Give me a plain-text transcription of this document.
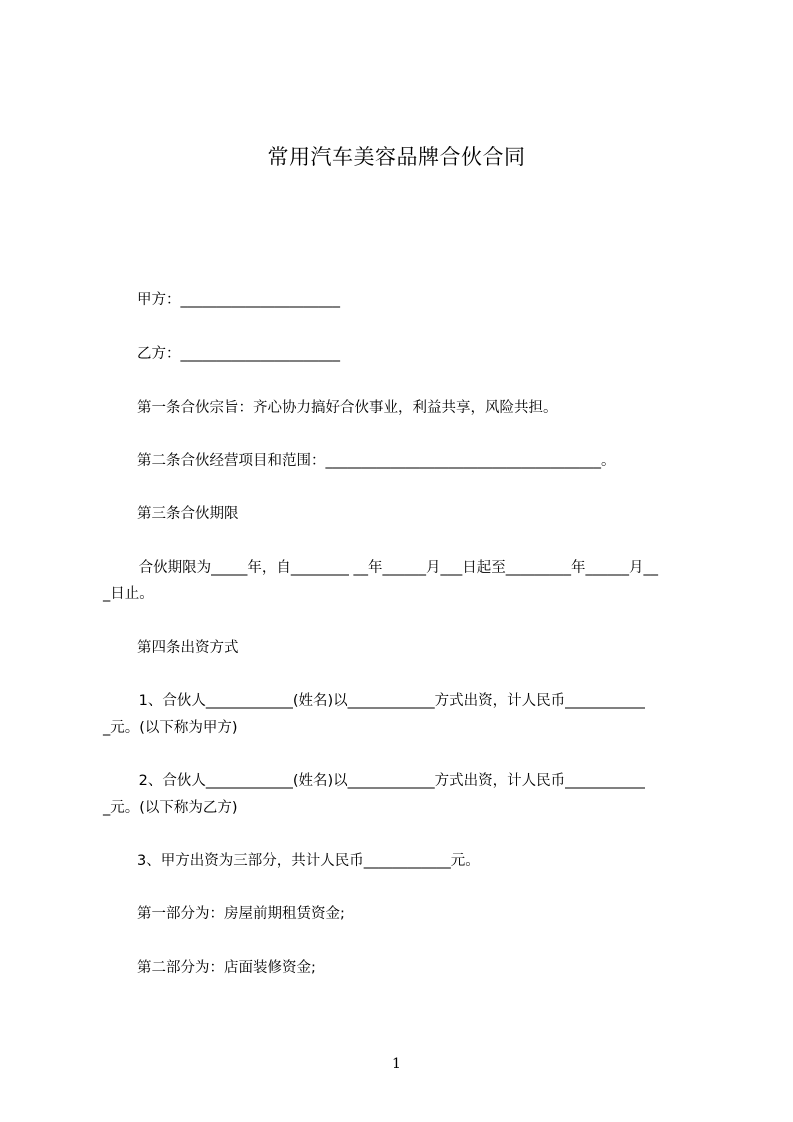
常用汽车美容品牌合伙合同
甲方：______________________
乙方：______________________
第一条合伙宗旨：齐心协力搞好合伙事业，利益共享，风险共担。
第二条合伙经营项目和范围：______________________________________。
第三条合伙期限
合伙期限为_____年，自________ __年______月___日起至_________年______月__
_日止。
第四条出资方式
1、合伙人____________(姓名)以____________方式出资，计人民币___________
_元。(以下称为甲方)
2、合伙人____________(姓名)以____________方式出资，计人民币___________
_元。(以下称为乙方)
3、甲方出资为三部分，共计人民币____________元。
第一部分为：房屋前期租赁资金;
第二部分为：店面装修资金;
1
